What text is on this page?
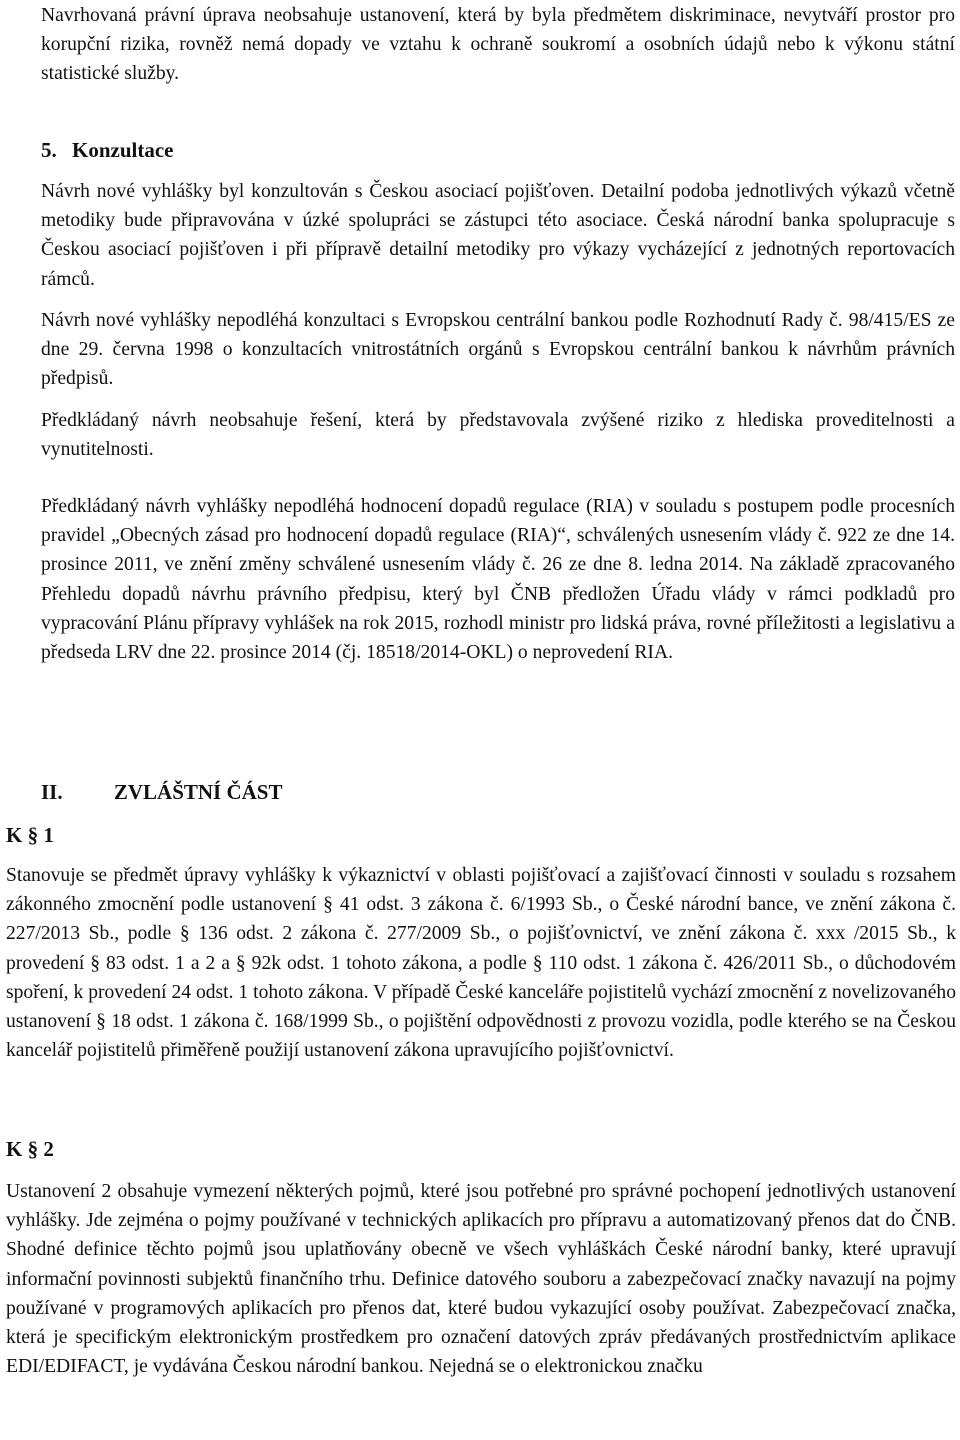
Navrhovaná právní úprava neobsahuje ustanovení, která by byla předmětem diskriminace, nevytváří prostor pro korupční rizika, rovněž nemá dopady ve vztahu k ochraně soukromí a osobních údajů nebo k výkonu státní statistické služby.

5. Konzultace

Návrh nové vyhlášky byl konzultován s Českou asociací pojišťoven. Detailní podoba jednotlivých výkazů včetně metodiky bude připravována v úzké spolupráci se zástupci této asociace. Česká národní banka spolupracuje s Českou asociací pojišťoven i při přípravě detailní metodiky pro výkazy vycházející z jednotných reportovacích rámců.

Návrh nové vyhlášky nepodléhá konzultaci s Evropskou centrální bankou podle Rozhodnutí Rady č. 98/415/ES ze dne 29. června 1998 o konzultacích vnitrostátních orgánů s Evropskou centrální bankou k návrhům právních předpisů.

Předkládaný návrh neobsahuje řešení, která by představovala zvýšené riziko z hlediska proveditelnosti a vynutitelnosti.

Předkládaný návrh vyhlášky nepodléhá hodnocení dopadů regulace (RIA) v souladu s postupem podle procesních pravidel „Obecných zásad pro hodnocení dopadů regulace (RIA)“, schválených usnesením vlády č. 922 ze dne 14. prosince 2011, ve znění změny schválené usnesením vlády č. 26 ze dne 8. ledna 2014. Na základě zpracovaného Přehledu dopadů návrhu právního předpisu, který byl ČNB předložen Úřadu vlády v rámci podkladů pro vypracování Plánu přípravy vyhlášek na rok 2015, rozhodl ministr pro lidská práva, rovné příležitosti a legislativu a předseda LRV dne 22. prosince 2014 (čj. 18518/2014-OKL) o neprovedení RIA.

II. ZVLÁŠTNÍ ČÁST
K § 1

Stanovuje se předmět úpravy vyhlášky k výkaznictví v oblasti pojišťovací a zajišťovací činnosti v souladu s rozsahem zákonného zmocnění podle ustanovení § 41 odst. 3 zákona č. 6/1993 Sb., o České národní bance, ve znění zákona č. 227/2013 Sb., podle § 136 odst. 2 zákona č. 277/2009 Sb., o pojišťovnictví, ve znění zákona č. xxx /2015 Sb., k provedení § 83 odst. 1 a 2 a § 92k odst. 1 tohoto zákona, a podle § 110 odst. 1 zákona č. 426/2011 Sb., o důchodovém spoření, k provedení 24 odst. 1 tohoto zákona. V případě České kanceláře pojistitelů vychází zmocnění z novelizovaného ustanovení § 18 odst. 1 zákona č. 168/1999 Sb., o pojištění odpovědnosti z provozu vozidla, podle kterého se na Českou kancelář pojistitelů přiměřeně použijí ustanovení zákona upravujícího pojišťovnictví.

K § 2

Ustanovení 2 obsahuje vymezení některých pojmů, které jsou potřebné pro správné pochopení jednotlivých ustanovení vyhlášky. Jde zejména o pojmy používané v technických aplikacích pro přípravu a automatizovaný přenos dat do ČNB. Shodné definice těchto pojmů jsou uplatňovány obecně ve všech vyhláškách České národní banky, které upravují informační povinnosti subjektů finančního trhu. Definice datového souboru a zabezpečovací značky navazují na pojmy používané v programových aplikacích pro přenos dat, které budou vykazující osoby používat. Zabezpečovací značka, která je specifickým elektronickým prostředkem pro označení datových zpráv předávaných prostřednictvím aplikace EDI/EDIFACT, je vydávána Českou národní bankou. Nejedná se o elektronickou značku
